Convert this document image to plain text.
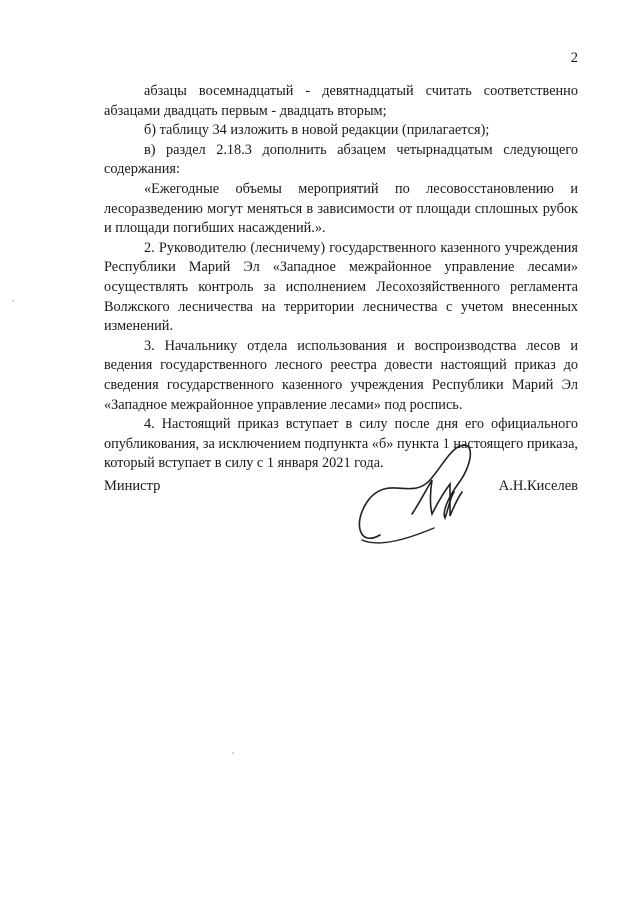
2

абзацы восемнадцатый - девятнадцатый считать соответственно абзацами двадцать первым - двадцать вторым;

б) таблицу 34 изложить в новой редакции (прилагается);

в) раздел 2.18.3 дополнить абзацем четырнадцатым следующего содержания:

«Ежегодные объемы мероприятий по лесовосстановлению и лесоразведению могут меняться в зависимости от площади сплошных рубок и площади погибших насаждений.».

2. Руководителю (лесничему) государственного казенного учреждения Республики Марий Эл «Западное межрайонное управление лесами» осуществлять контроль за исполнением Лесохозяйственного регламента Волжского лесничества на территории лесничества с учетом внесенных изменений.

3. Начальнику отдела использования и воспроизводства лесов и ведения государственного лесного реестра довести настоящий приказ до сведения государственного казенного учреждения Республики Марий Эл «Западное межрайонное управление лесами» под роспись.

4. Настоящий приказ вступает в силу после дня его официального опубликования, за исключением подпункта «б» пункта 1 настоящего приказа, который вступает в силу с 1 января 2021 года.

Министр	А.Н.Киселев
